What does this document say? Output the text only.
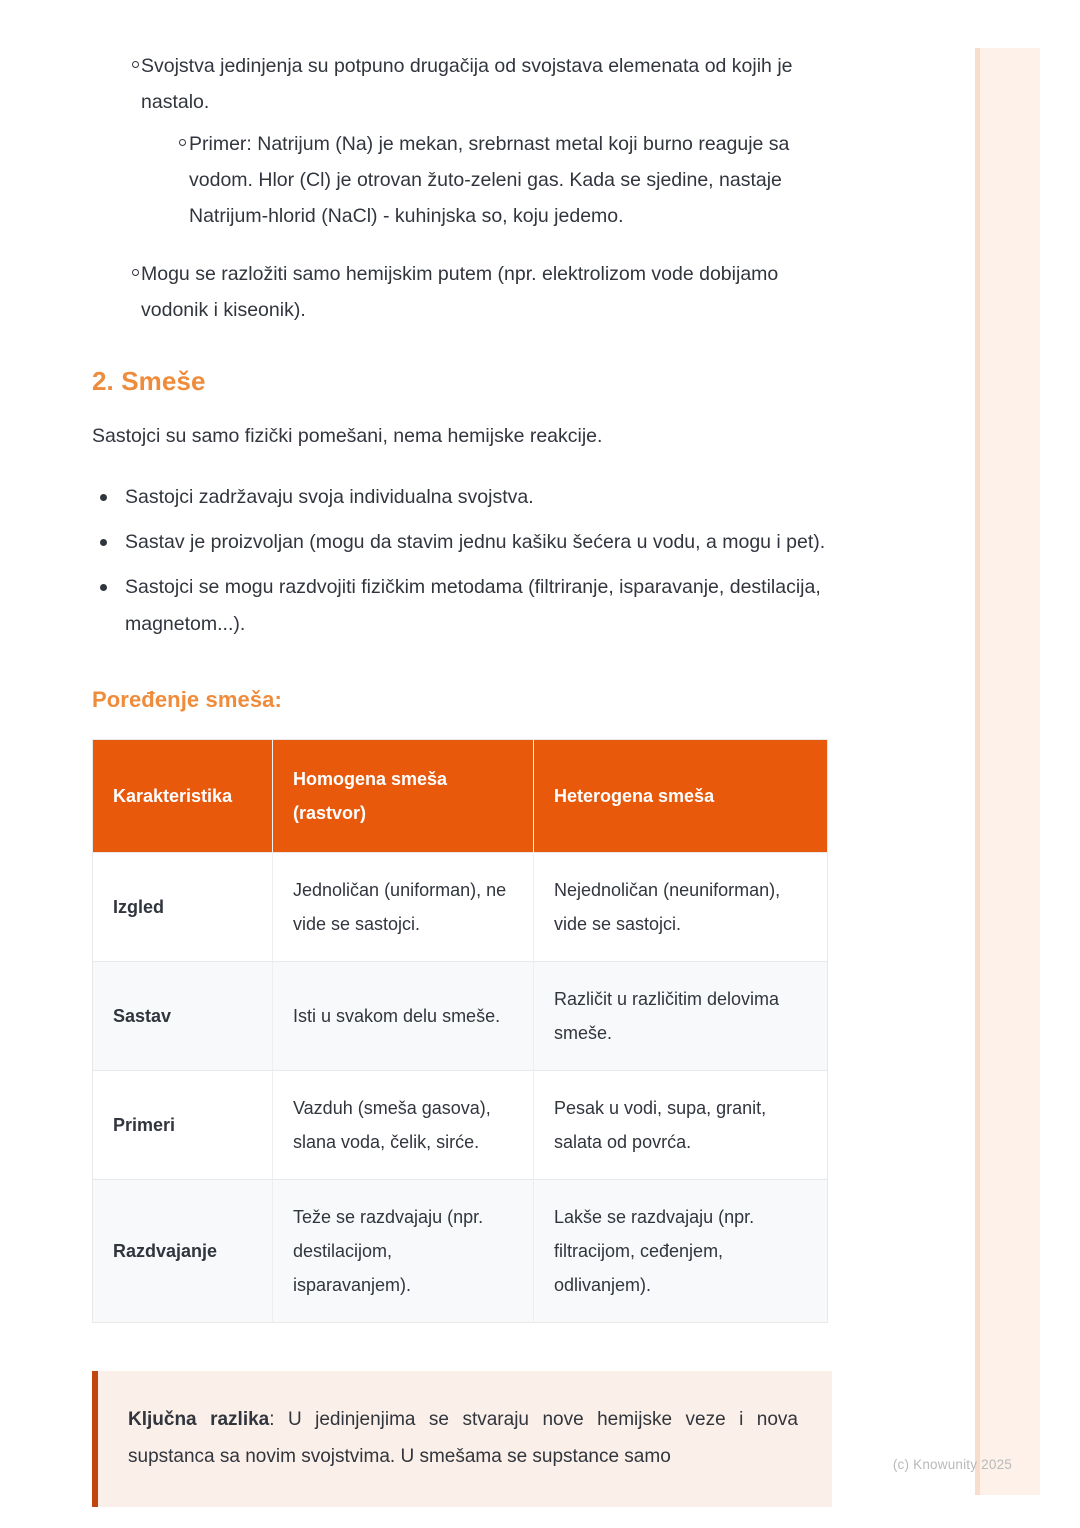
(c) Knowunity 2025
Svojstva jedinjenja su potpuno drugačija od svojstava elemenata od kojih je nastalo.
Primer: Natrijum (Na) je mekan, srebrnast metal koji burno reaguje sa vodom. Hlor (Cl) je otrovan žuto-zeleni gas. Kada se sjedine, nastaje Natrijum-hlorid (NaCl) - kuhinjska so, koju jedemo.
Mogu se razložiti samo hemijskim putem (npr. elektrolizom vode dobijamo vodonik i kiseonik).
2. Smeše

Sastojci su samo fizički pomešani, nema hemijske reakcije.

Sastojci zadržavaju svoja individualna svojstva.
Sastav je proizvoljan (mogu da stavim jednu kašiku šećera u vodu, a mogu i pet).
Sastojci se mogu razdvojiti fizičkim metodama (filtriranje, isparavanje, destilacija, magnetom...).
Poređenje smeša:
Karakteristika	Homogena smeša (rastvor)	Heterogena smeša
Izgled	Jednoličan (uniforman), ne vide se sastojci.	Nejednoličan (neuniforman), vide se sastojci.
Sastav	Isti u svakom delu smeše.	Različit u različitim delovima smeše.
Primeri	Vazduh (smeša gasova), slana voda, čelik, sirće.	Pesak u vodi, supa, granit, salata od povrća.
Razdvajanje	Teže se razdvajaju (npr. destilacijom, isparavanjem).	Lakše se razdvajaju (npr. filtracijom, ceđenjem, odlivanjem).

Ključna razlika: U jedinjenjima se stvaraju nove hemijske veze i nova supstanca sa novim svojstvima. U smešama se supstance samo
